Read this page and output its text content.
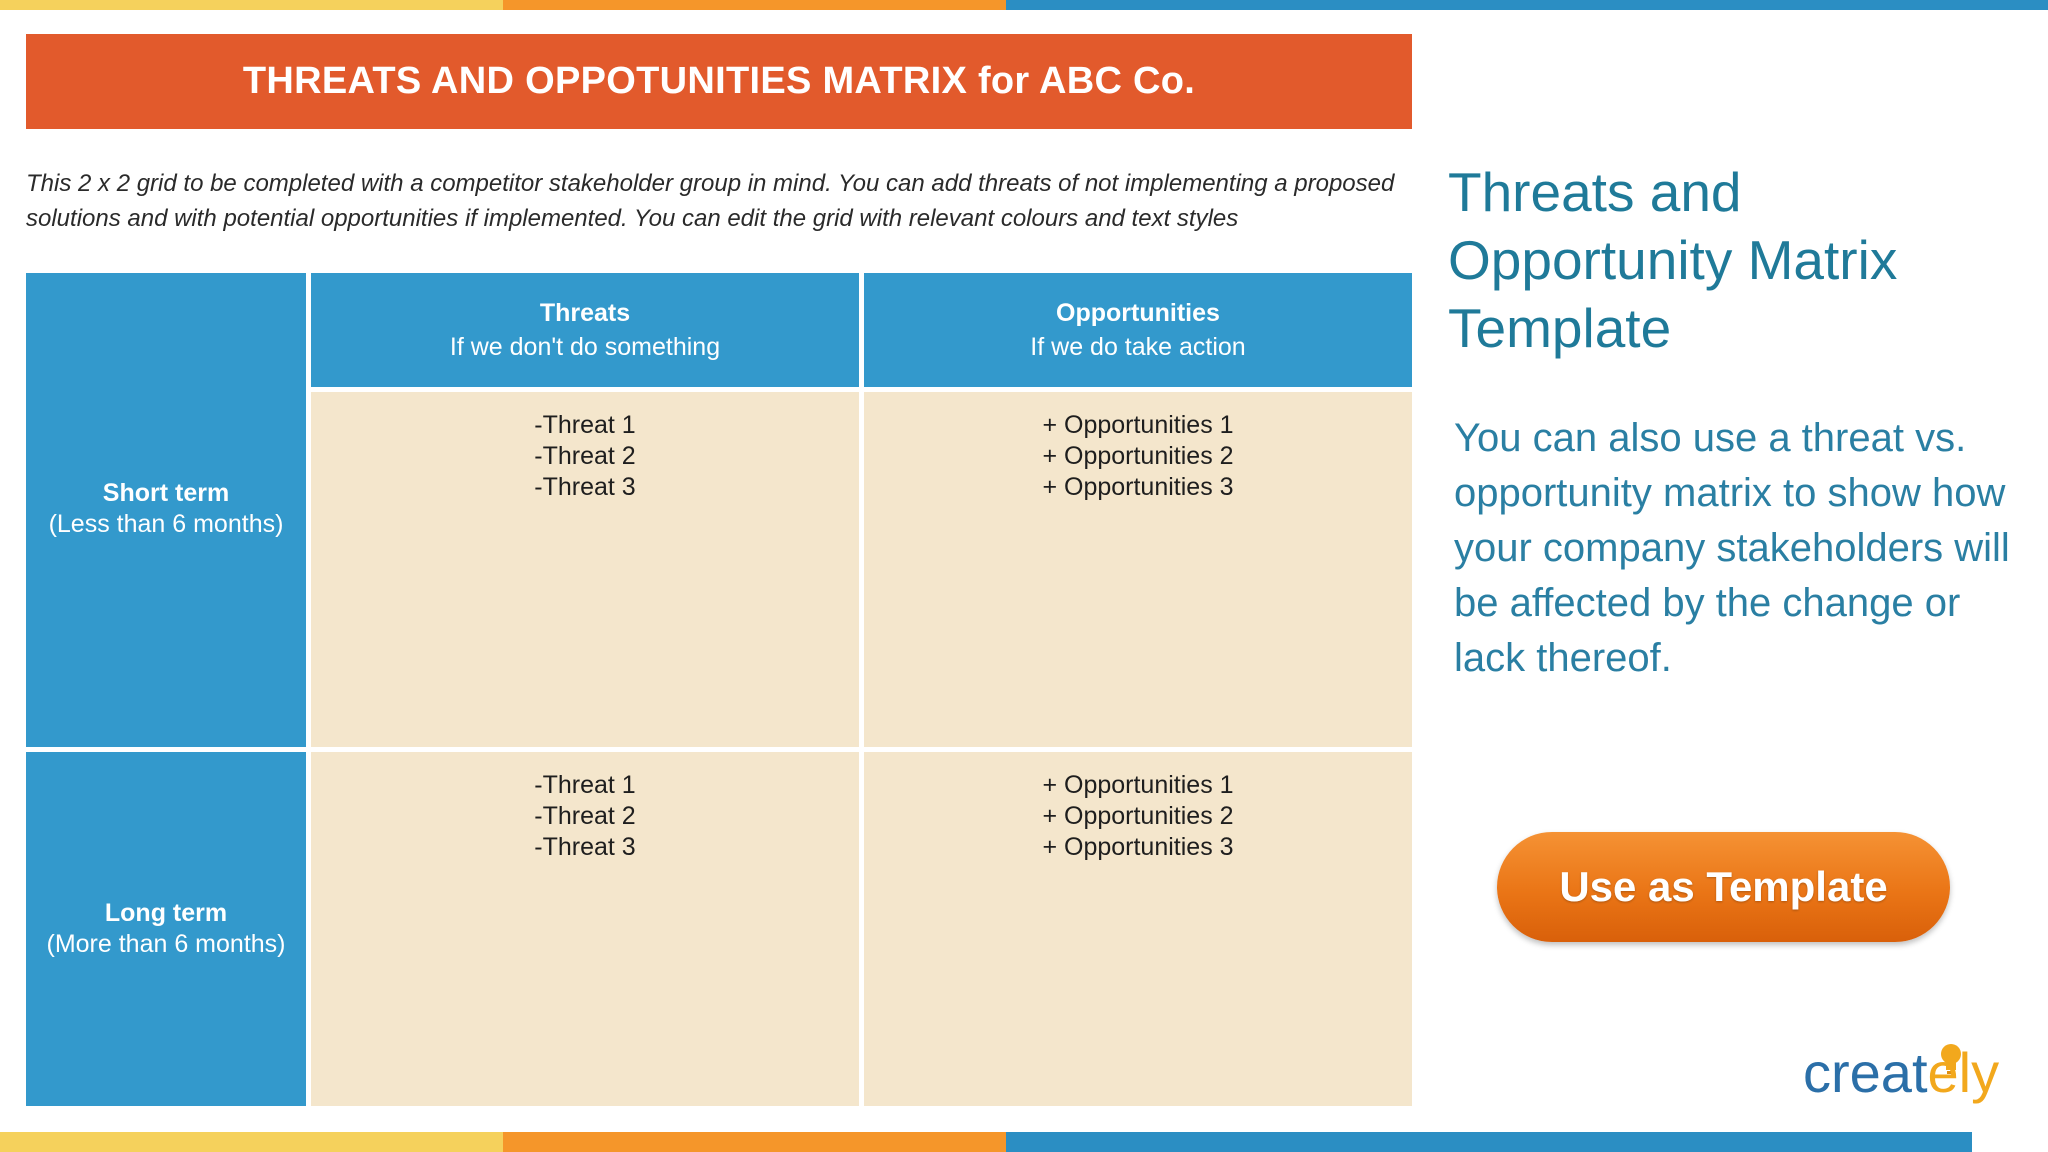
THREATS AND OPPOTUNITIES MATRIX for ABC Co.
This 2 x 2 grid to be completed with a competitor stakeholder group in mind. You can add threats of not implementing a proposed solutions and with potential opportunities if implemented. You can edit the grid with relevant colours and text styles
Short term
(Less than 6 months)
Threats
If we don't do something
Opportunities
If we do take action
-Threat 1
-Threat 2
-Threat 3
+ Opportunities 1
+ Opportunities 2
+ Opportunities 3
Long term
(More than 6 months)
-Threat 1
-Threat 2
-Threat 3
+ Opportunities 1
+ Opportunities 2
+ Opportunities 3
Threats and Opportunity Matrix Template
You can also use a threat vs. opportunity matrix to show how your company stakeholders will be affected by the change or lack thereof.
Use as Template
creately
